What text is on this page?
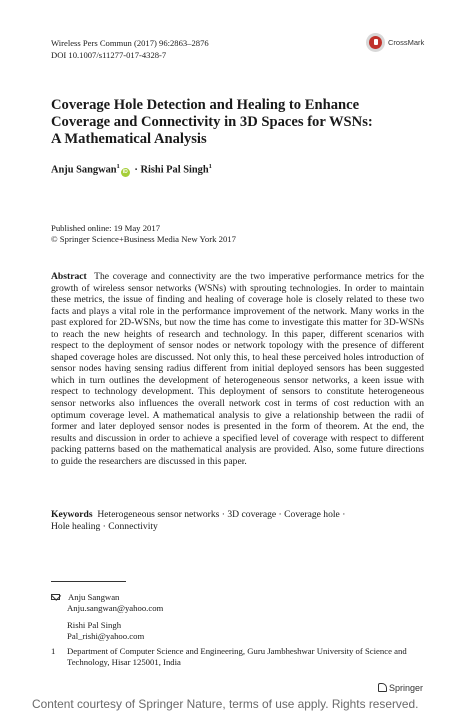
Wireless Pers Commun (2017) 96:2863–2876
DOI 10.1007/s11277-017-4328-7
CrossMark
Coverage Hole Detection and Healing to Enhance
Coverage and Connectivity in 3D Spaces for WSNs:
A Mathematical Analysis
Anju Sangwan$^1$iD · Rishi Pal Singh$^1$
Published online: 19 May 2017
© Springer Science+Business Media New York 2017
Abstract The coverage and connectivity are the two imperative performance metrics for the growth of wireless sensor networks (WSNs) with sprouting technologies. In order to maintain these metrics, the issue of finding and healing of coverage hole is closely related to these two facts and plays a vital role in the performance improvement of the network. Many works in the past explored for 2D-WSNs, but now the time has come to investigate this matter for 3D-WSNs to reach the new heights of research and technology. In this paper, different scenarios with respect to the deployment of sensor nodes or network topology with the presence of different shaped coverage holes are discussed. Not only this, to heal these perceived holes introduction of sensor nodes having sensing radius different from initial deployed sensors has been suggested which in turn outlines the development of heterogeneous sensor networks, a keen issue with respect to technology development. This deployment of sensors to constitute heterogeneous sensor networks also influences the overall network cost in terms of cost reduction with an optimum coverage level. A mathematical analysis to give a relationship between the radii of former and later deployed sensor nodes is presented in the form of theorem. At the end, the results and discussion in order to achieve a specified level of coverage with respect to different packing patterns based on the mathematical analysis are provided. Also, some future directions to guide the researchers are discussed in this paper.
Keywords Heterogeneous sensor networks · 3D coverage · Coverage hole ·
Hole healing · Connectivity
Anju Sangwan
Anju.sangwan@yahoo.com
Rishi Pal Singh
Pal_rishi@yahoo.com
1	Department of Computer Science and Engineering, Guru Jambheshwar University of Science and Technology, Hisar 125001, India
Springer
Content courtesy of Springer Nature, terms of use apply. Rights reserved.
